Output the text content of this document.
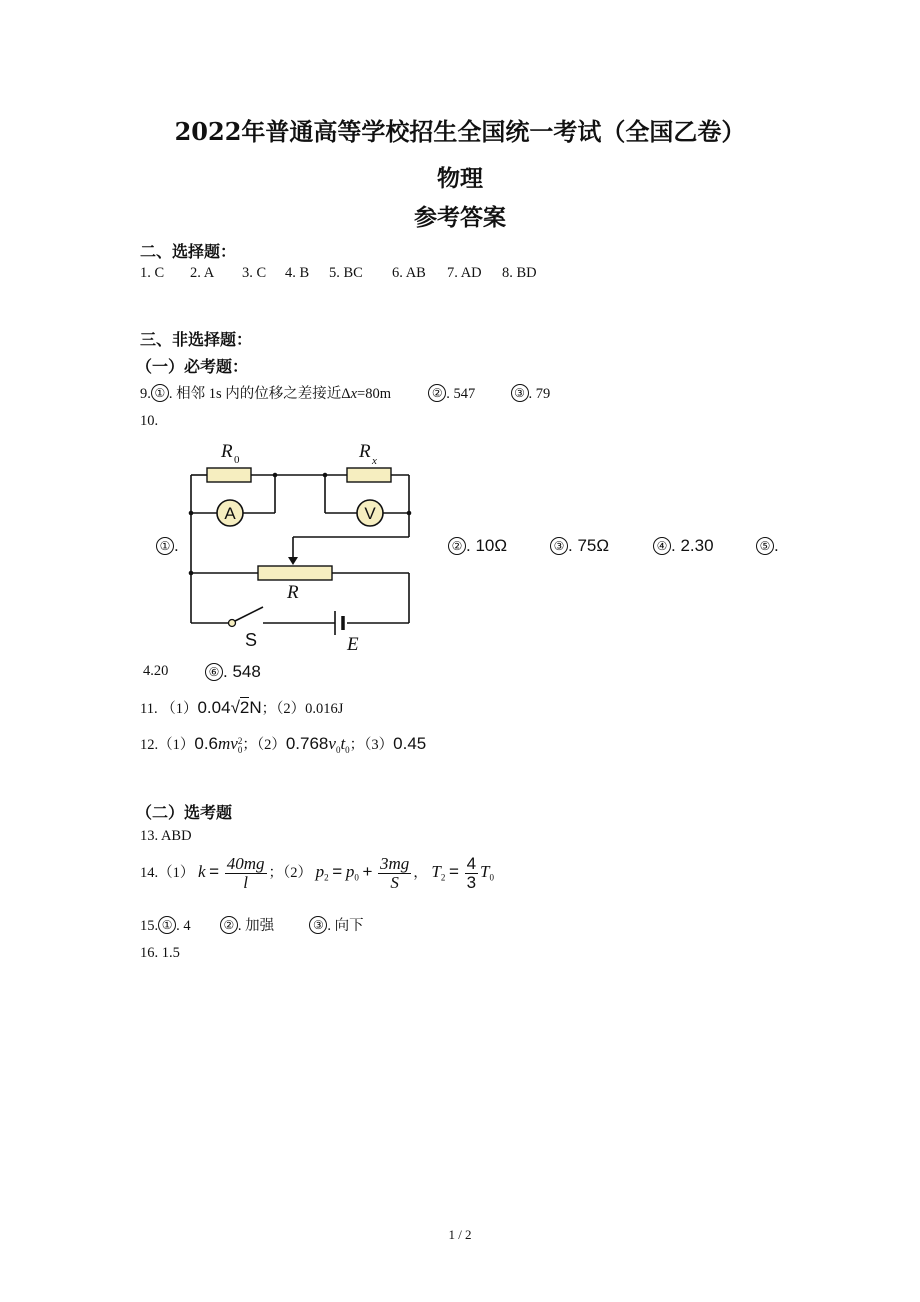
2022年普通高等学校招生全国统一考试（全国乙卷）
物理
参考答案
二、选择题：
1. C 2. A 3. C 4. B 5. BC 6. AB 7. AD 8. BD
三、非选择题：
（一）必考题：
9. ① . 相邻 1s 内的位移之差接近Δx=80m	② . 547	③ . 79
10.
① .
A	V
R 0	R x
R
S	E
② . 10Ω	③ . 75Ω	④ . 2.30	⑤ .
4.20	⑥ . 548
11. （1）0.04√2N；（2）0.016J
12.（1）0.6mv 2
0 ；$(2)0.768v_0t_0$；（3）0.45
（二）选考题
13. ABD
14.（1） $k = \frac{40mg}{l}$ ；（2） $p_2 = p_0 + \frac{3mg}{S}$ ， $T_2 = \frac{4}{3} T_0$
15. ① . 4	② . 加强	③ . 向下
16. 1.5
1 / 2
